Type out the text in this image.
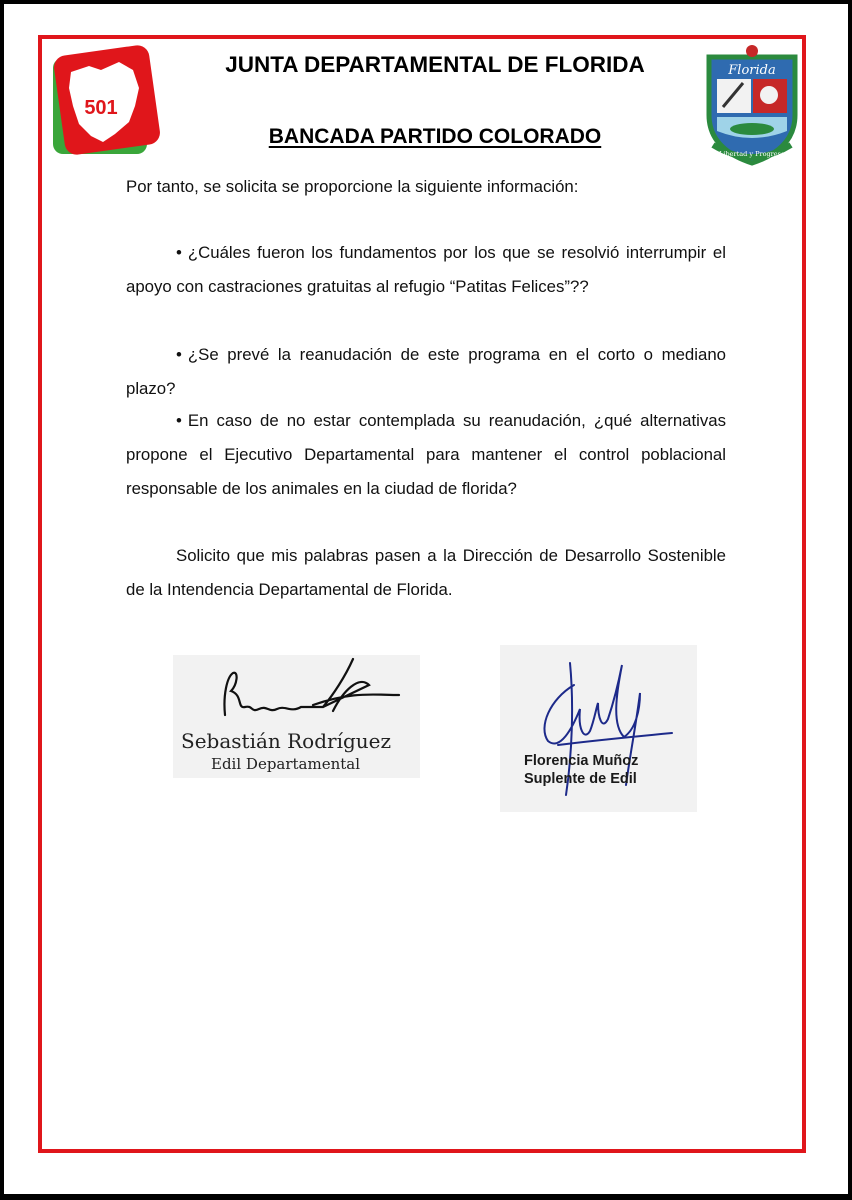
501
Florida
Libertad y Progreso
JUNTA DEPARTAMENTAL DE FLORIDA
BANCADA PARTIDO COLORADO

Por tanto, se solicita se proporcione la siguiente información:

• ¿Cuáles fueron los fundamentos por los que se resolvió interrumpir el apoyo con castraciones gratuitas al refugio “Patitas Felices”??

• ¿Se prevé la reanudación de este programa en el corto o mediano plazo?

• En caso de no estar contemplada su reanudación, ¿qué alternativas propone el Ejecutivo Departamental para mantener el control poblacional responsable de los animales en la ciudad de florida?

Solicito que mis palabras pasen a la Dirección de Desarrollo Sostenible de la Intendencia Departamental de Florida.

Sebastián Rodríguez
Edil Departamental	Florencia Muñoz
Suplente de Edil
